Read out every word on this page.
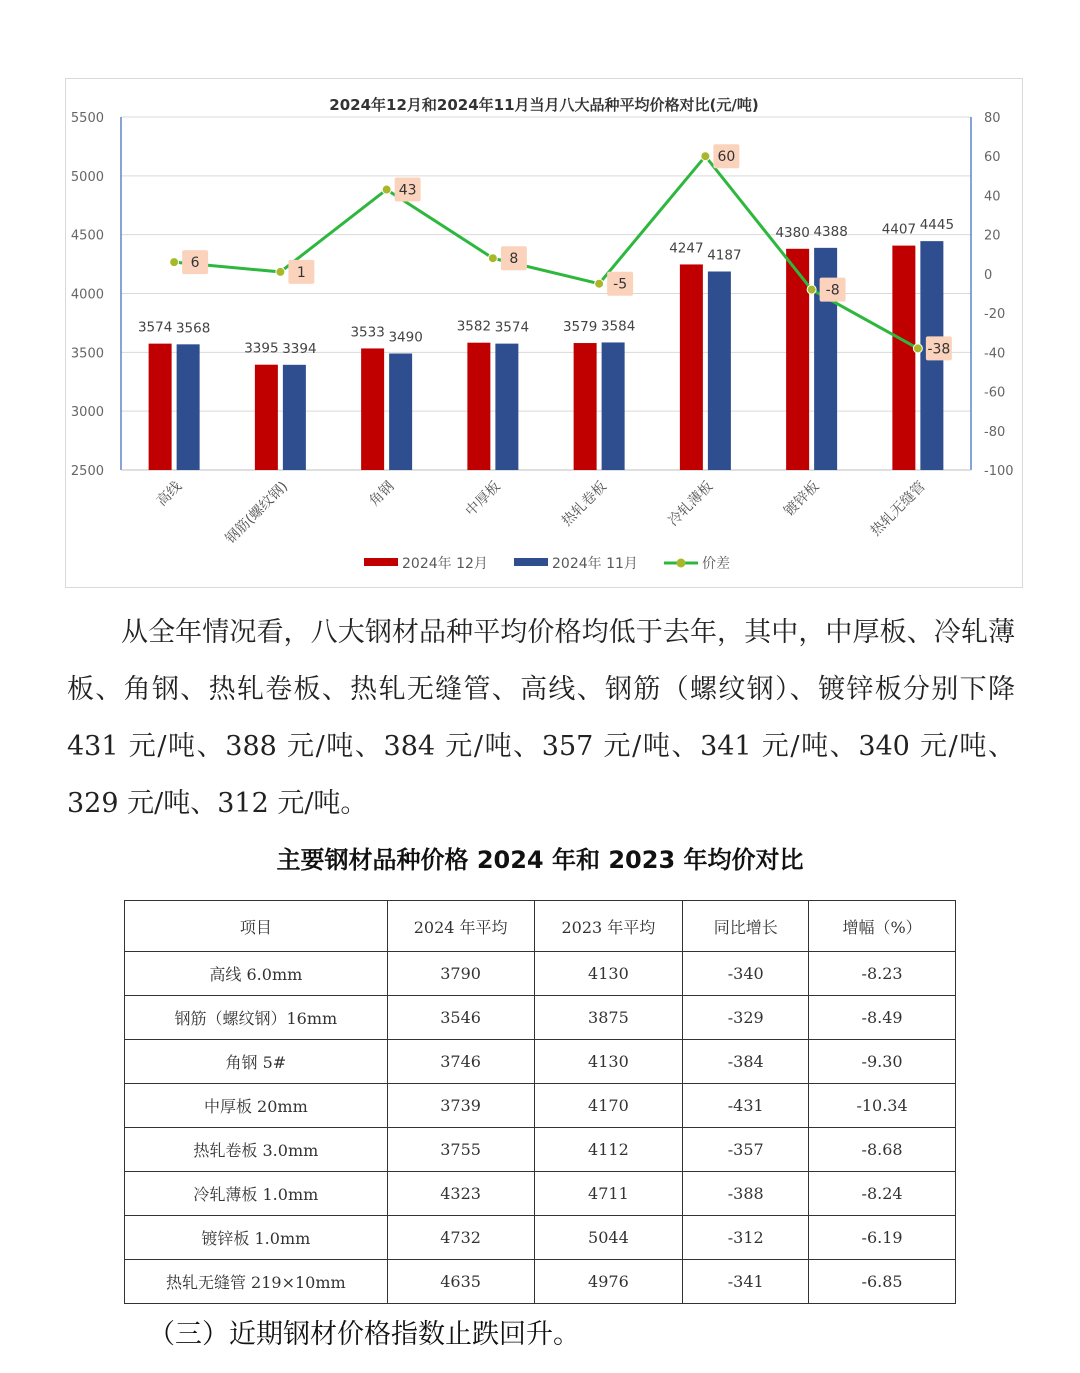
2024年12月和2024年11月当月八大品种平均价格对比(元/吨)
2500
3000
3500
4000
4500
5000
5500
-100
-80
-60
-40
-20
0
20
40
60
80
3574
3395
3533	3582	3579
4247
4380	4407
3568
3394
3490
3574	3584
4187
4388	4445
高线	钢筋(螺纹钢)	角钢	中厚板	热轧卷板	冷轧薄板	镀锌板	热轧无缝管
6
1
43
8
-5
60
-8
-38
2024年 12月	2024年 11月	价差

从全年情况看，八大钢材品种平均价格均低于去年，其中，中厚板、冷轧薄板、角钢、热轧卷板、热轧无缝管、高线、钢筋（螺纹钢）、镀锌板分别下降 431 元/吨、388 元/吨、384 元/吨、357 元/吨、341 元/吨、340 元/吨、329 元/吨、312 元/吨。

主要钢材品种价格 2024 年和 2023 年均价对比
项目	2024 年平均	2023 年平均	同比增长	增幅（%）
高线 6.0mm	3790	4130	-340	-8.23
钢筋（螺纹钢）16mm	3546	3875	-329	-8.49
角钢 5#	3746	4130	-384	-9.30
中厚板 20mm	3739	4170	-431	-10.34
热轧卷板 3.0mm	3755	4112	-357	-8.68
冷轧薄板 1.0mm	4323	4711	-388	-8.24
镀锌板 1.0mm	4732	5044	-312	-6.19
热轧无缝管 219×10mm	4635	4976	-341	-6.85

（三）近期钢材价格指数止跌回升。
